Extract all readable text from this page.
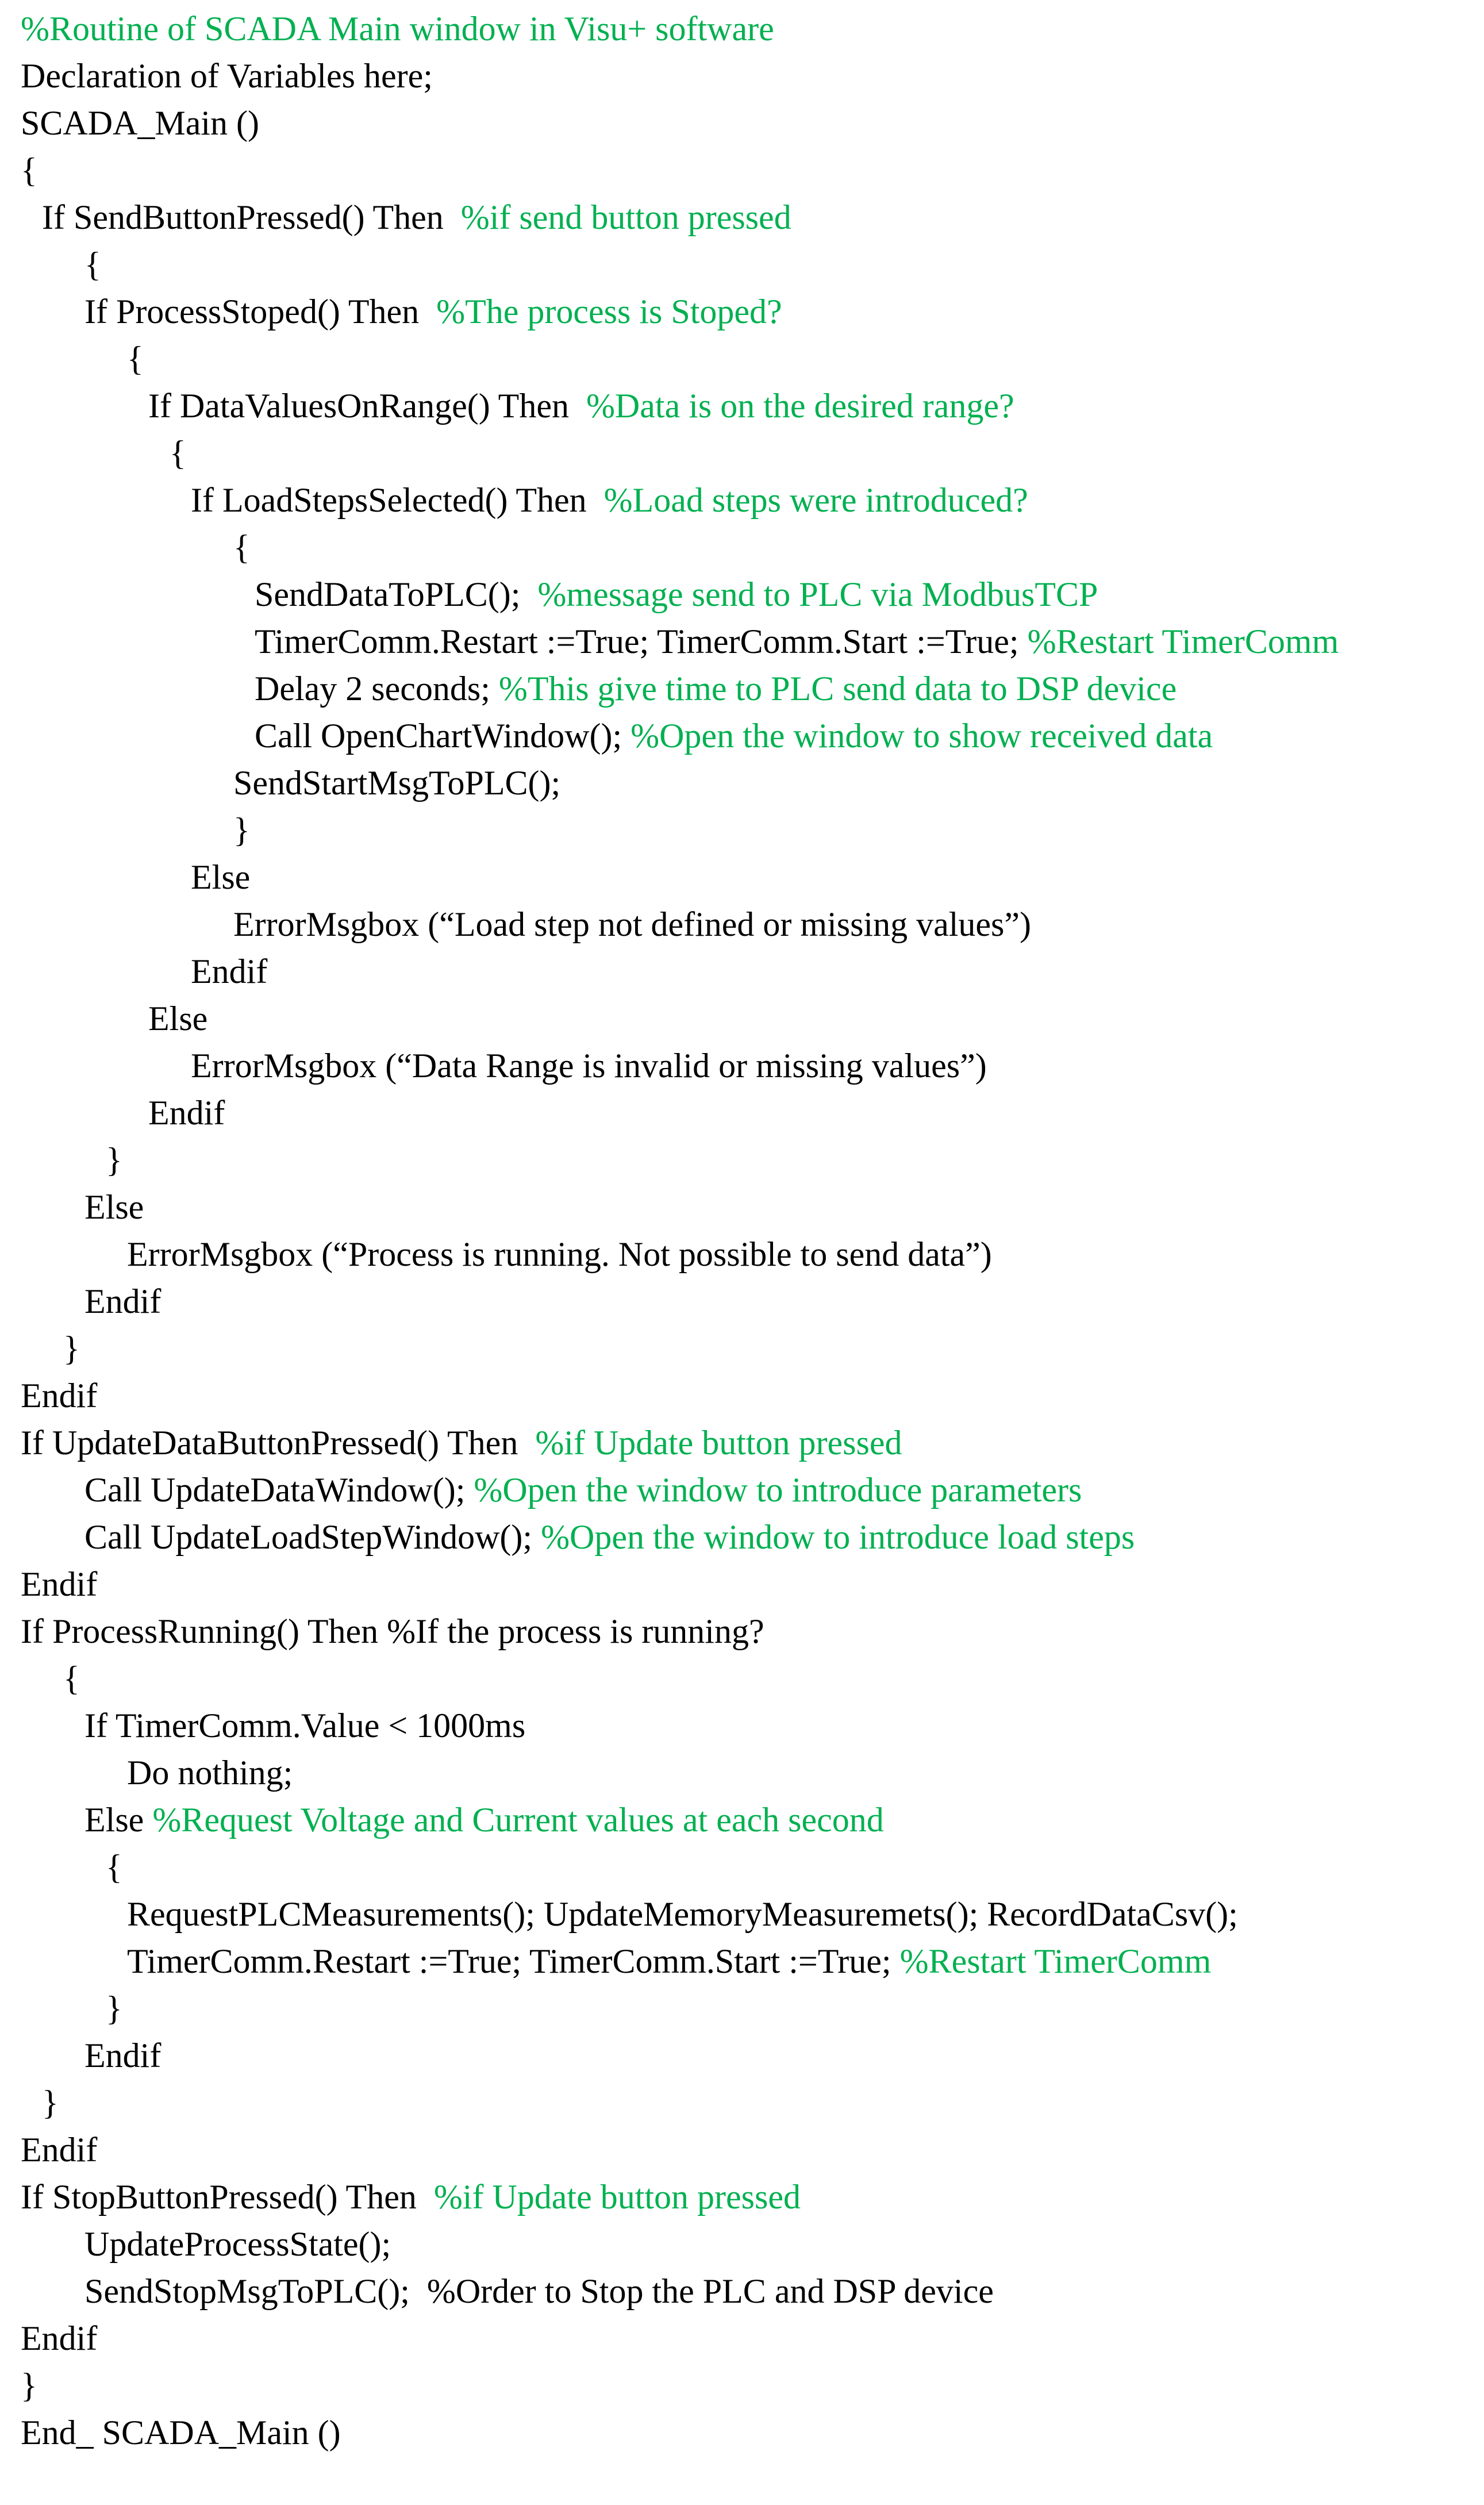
%Routine of SCADA Main window in Visu+ software
Declaration of Variables here;
SCADA_Main ()
{
If SendButtonPressed() Then  %if send button pressed
{
If ProcessStoped() Then  %The process is Stoped?
{
If DataValuesOnRange() Then  %Data is on the desired range?
{
If LoadStepsSelected() Then  %Load steps were introduced?
{
SendDataToPLC();  %message send to PLC via ModbusTCP
TimerComm.Restart :=True; TimerComm.Start :=True; %Restart TimerComm
Delay 2 seconds; %This give time to PLC send data to DSP device
Call OpenChartWindow(); %Open the window to show received data
SendStartMsgToPLC();
}
Else
ErrorMsgbox (“Load step not defined or missing values”)
Endif
Else
ErrorMsgbox (“Data Range is invalid or missing values”)
Endif
}
Else
ErrorMsgbox (“Process is running. Not possible to send data”)
Endif
}
Endif
If UpdateDataButtonPressed() Then  %if Update button pressed
Call UpdateDataWindow(); %Open the window to introduce parameters
Call UpdateLoadStepWindow(); %Open the window to introduce load steps
Endif
If ProcessRunning() Then %If the process is running?
{
If TimerComm.Value < 1000ms
Do nothing;
Else %Request Voltage and Current values at each second
{
RequestPLCMeasurements(); UpdateMemoryMeasuremets(); RecordDataCsv();
TimerComm.Restart :=True; TimerComm.Start :=True; %Restart TimerComm
}
Endif
}
Endif
If StopButtonPressed() Then  %if Update button pressed
UpdateProcessState();
SendStopMsgToPLC();  %Order to Stop the PLC and DSP device
Endif
}
End_ SCADA_Main ()
